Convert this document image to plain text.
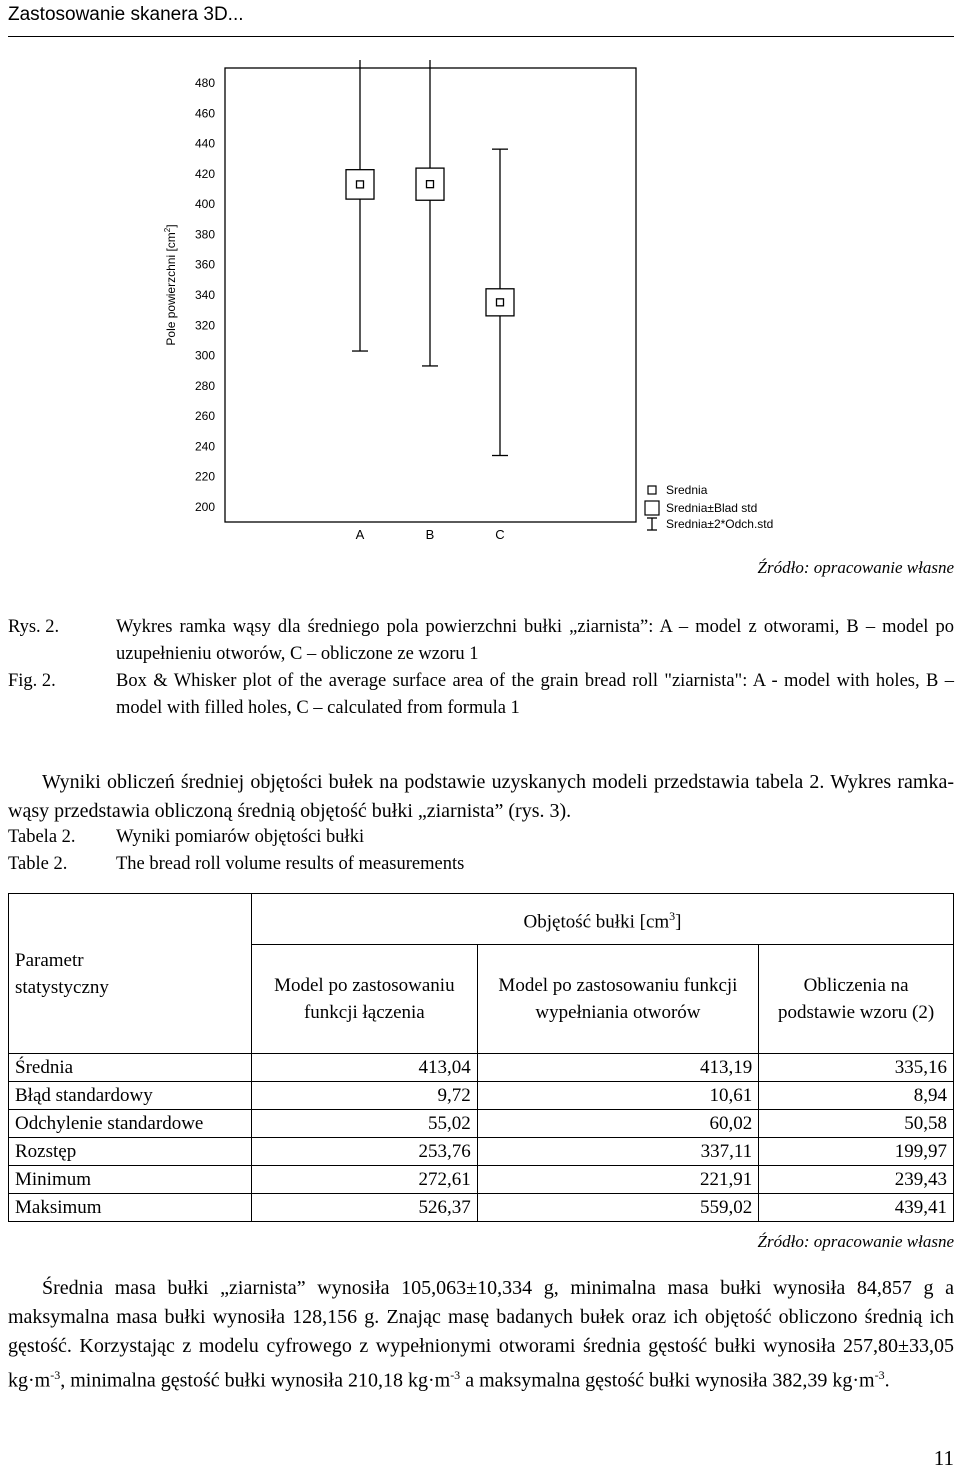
Zastosowanie skanera 3D...
480
460
440
420
400
380
360
340
320
300
280
260
240
220
200
Pole powierzchni $[cm^2]$
A	B	C
Srednia
Srednia±Blad std
Srednia±2*Odch.std
Źródło: opracowanie własne
Rys. 2.	Wykres ramka wąsy dla średniego pola powierzchni bułki „ziarnista”: A – model z otworami, B – model po uzupełnieniu otworów, C – obliczone ze wzoru 1
Fig. 2.	Box & Whisker plot of the average surface area of the grain bread roll "ziarnista": A - model with holes, B – model with filled holes, C – calculated from formula 1
Wyniki obliczeń średniej objętości bułek na podstawie uzyskanych modeli przedstawia tabela 2. Wykres ramka-wąsy przedstawia obliczoną średnią objętość bułki „ziarnista” (rys. 3).
Tabela 2.	Wyniki pomiarów objętości bułki
Table 2.	The bread roll volume results of measurements
Parametr statystyczny	Objętość bułki $[cm^3]$		
	Model po zastosowaniu funkcji łączenia	Model po zastosowaniu funkcji wypełniania otworów	Obliczenia na podstawie wzoru (2)
Średnia	413,04	413,19	335,16
Błąd standardowy	9,72	10,61	8,94
Odchylenie standardowe	55,02	60,02	50,58
Rozstęp	253,76	337,11	199,97
Minimum	272,61	221,91	239,43
Maksimum	526,37	559,02	439,41
Źródło: opracowanie własne
Średnia masa bułki „ziarnista” wynosiła 105,063±10,334 g, minimalna masa bułki wynosiła 84,857 g a maksymalna masa bułki wynosiła 128,156 g. Znając masę badanych bułek oraz ich objętość obliczono średnią ich gęstość. Korzystając z modelu cyfrowego z wypełnionymi otworami średnia gęstość bułki wynosiła 257,80±33,05 $kg\cdot m^{-3}$, minimalna gęstość bułki wynosiła 210,18 $kg\cdot m^{-3}$ a maksymalna gęstość bułki wynosiła 382,39 $kg\cdot m^{-3}$.
11
